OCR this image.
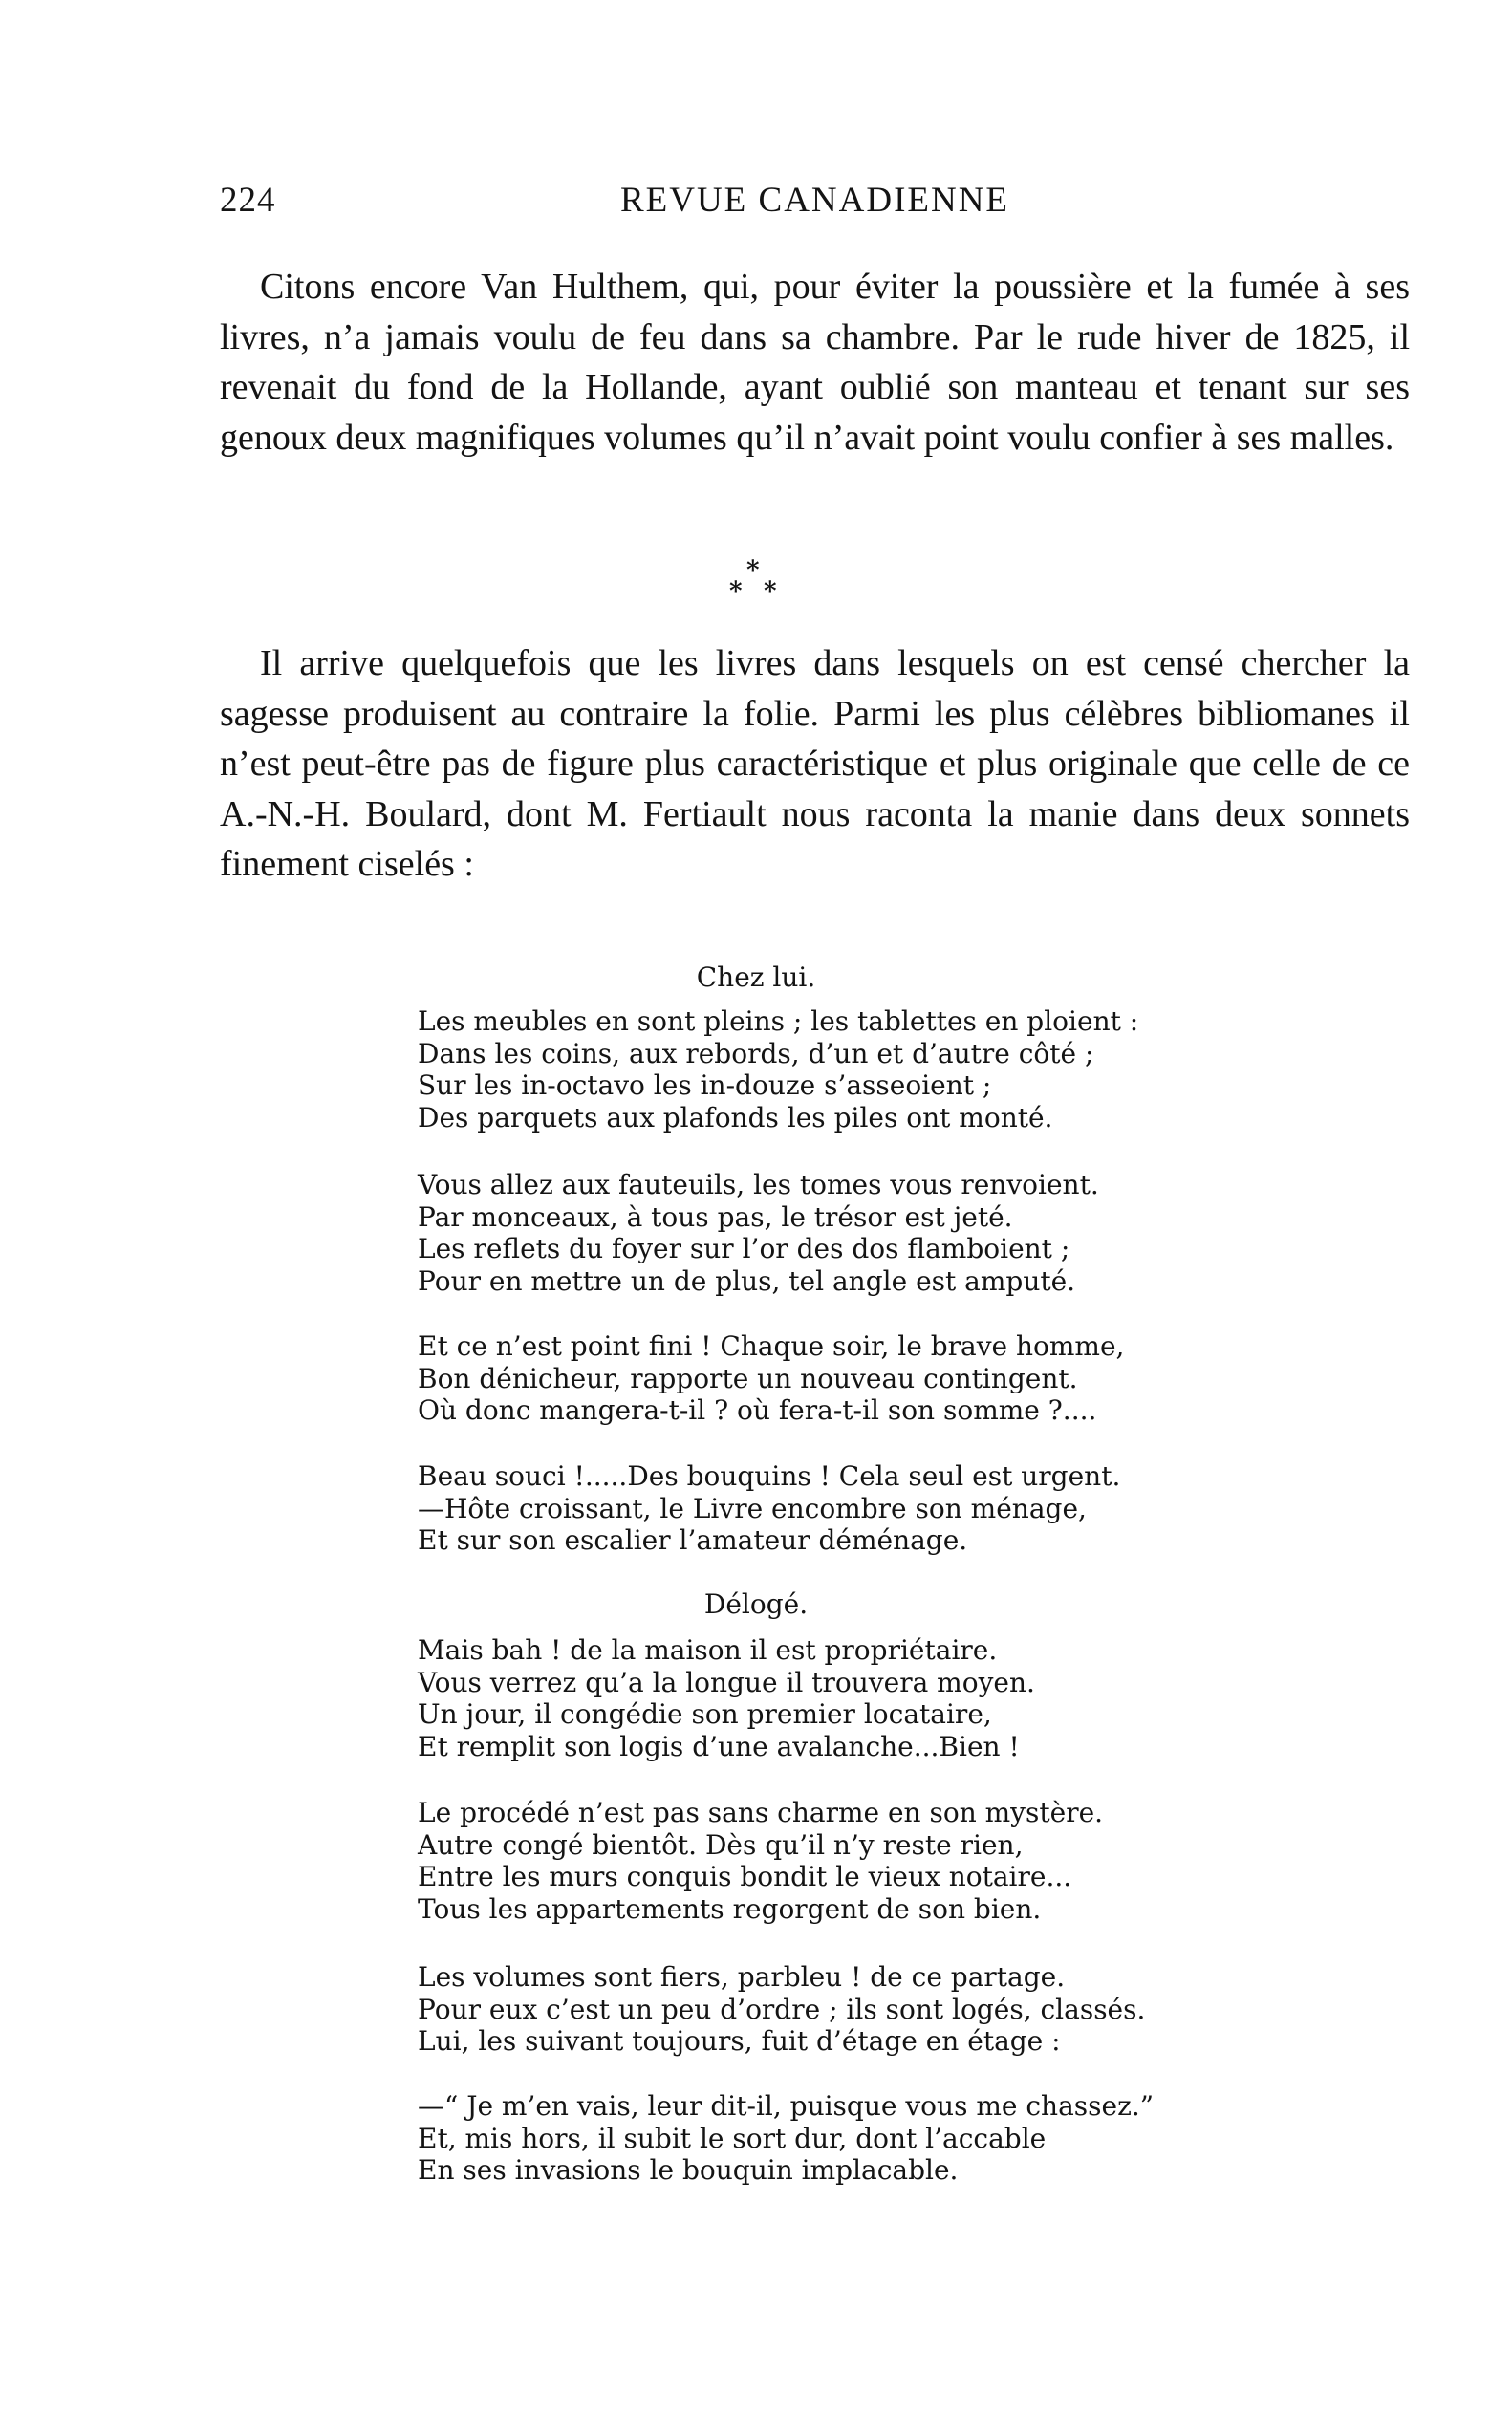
224	REVUE CANADIENNE

Citons encore Van Hulthem, qui, pour éviter la poussière et la fumée à ses livres, n’a jamais voulu de feu dans sa chambre. Par le rude hiver de 1825, il revenait du fond de la Hollande, ayant oublié son manteau et tenant sur ses genoux deux magnifiques volumes qu’il n’avait point voulu confier à ses malles.

*
* *

Il arrive quelquefois que les livres dans lesquels on est censé chercher la sagesse produisent au contraire la folie. Parmi les plus célèbres bibliomanes il n’est peut-être pas de figure plus caractéristique et plus originale que celle de ce A.-N.-H. Boulard, dont M. Fertiault nous raconta la manie dans deux sonnets finement ciselés :

Chez lui.
Les meubles en sont pleins ; les tablettes en ploient :
Dans les coins, aux rebords, d’un et d’autre côté ;
Sur les in-octavo les in-douze s’asseoient ;
Des parquets aux plafonds les piles ont monté.
Vous allez aux fauteuils, les tomes vous renvoient.
Par monceaux, à tous pas, le trésor est jeté.
Les reflets du foyer sur l’or des dos flamboient ;
Pour en mettre un de plus, tel angle est amputé.
Et ce n’est point fini ! Chaque soir, le brave homme,
Bon dénicheur, rapporte un nouveau contingent.
Où donc mangera-t-il ? où fera-t-il son somme ?....
Beau souci !.....Des bouquins ! Cela seul est urgent.
—Hôte croissant, le Livre encombre son ménage,
Et sur son escalier l’amateur déménage.
Délogé.
Mais bah ! de la maison il est propriétaire.
Vous verrez qu’a la longue il trouvera moyen.
Un jour, il congédie son premier locataire,
Et remplit son logis d’une avalanche...Bien !
Le procédé n’est pas sans charme en son mystère.
Autre congé bientôt. Dès qu’il n’y reste rien,
Entre les murs conquis bondit le vieux notaire...
Tous les appartements regorgent de son bien.
Les volumes sont fiers, parbleu ! de ce partage.
Pour eux c’est un peu d’ordre ; ils sont logés, classés.
Lui, les suivant toujours, fuit d’étage en étage :
—“ Je m’en vais, leur dit-il, puisque vous me chassez.”
Et, mis hors, il subit le sort dur, dont l’accable
En ses invasions le bouquin implacable.
